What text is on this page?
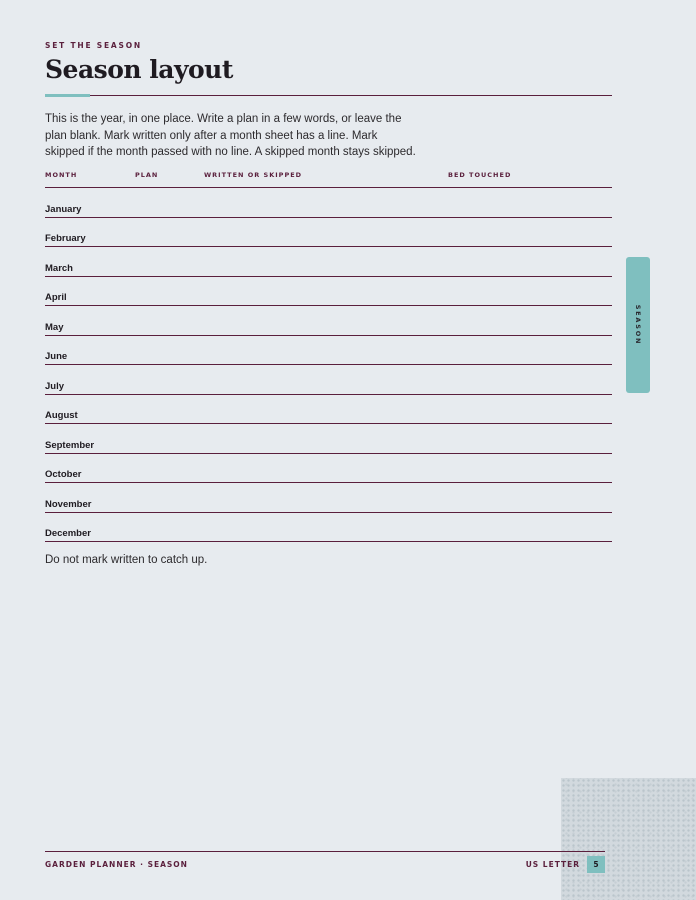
SET THE SEASON
Season layout

This is the year, in one place. Write a plan in a few words, or leave the plan blank. Mark written only after a month sheet has a line. Mark skipped if the month passed with no line. A skipped month stays skipped.

MONTH	PLAN	WRITTEN OR SKIPPED	BED TOUCHED
January
February
March
April
May
June
July
August
September
October
November
December
Do not mark written to catch up.
SEASON
GARDEN PLANNER · SEASON	US LETTER	5
